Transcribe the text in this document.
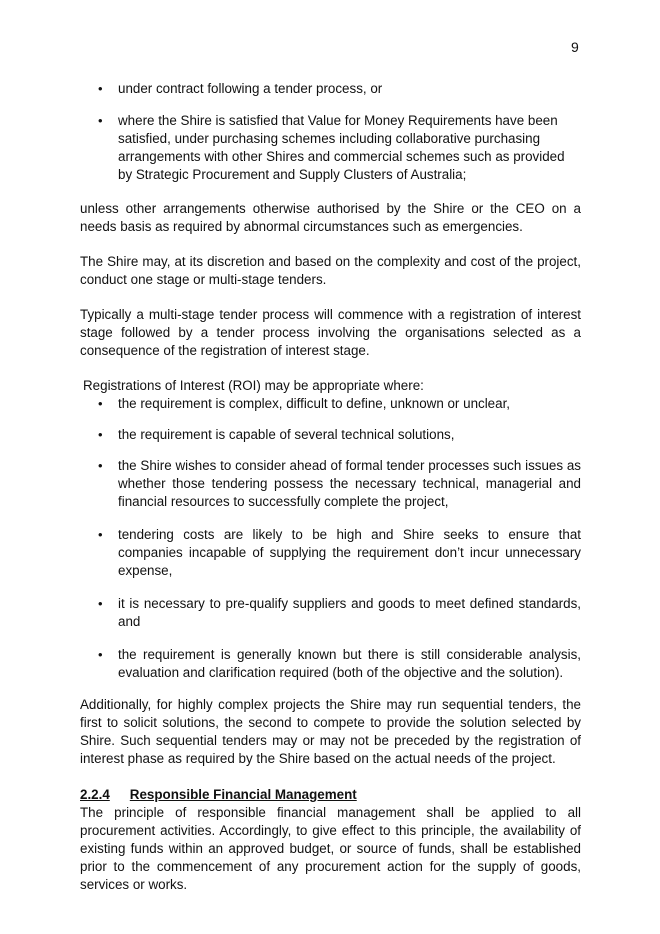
9
• under contract following a tender process, or
• where the Shire is satisfied that Value for Money Requirements have been satisfied, under purchasing schemes including collaborative purchasing arrangements with other Shires and commercial schemes such as provided by Strategic Procurement and Supply Clusters of Australia;

unless other arrangements otherwise authorised by the Shire or the CEO on a needs basis as required by abnormal circumstances such as emergencies.

The Shire may, at its discretion and based on the complexity and cost of the project, conduct one stage or multi-stage tenders.

Typically a multi-stage tender process will commence with a registration of interest stage followed by a tender process involving the organisations selected as a consequence of the registration of interest stage.

Registrations of Interest (ROI) may be appropriate where:

• the requirement is complex, difficult to define, unknown or unclear,
• the requirement is capable of several technical solutions,
• the Shire wishes to consider ahead of formal tender processes such issues as whether those tendering possess the necessary technical, managerial and financial resources to successfully complete the project,
• tendering costs are likely to be high and Shire seeks to ensure that companies incapable of supplying the requirement don’t incur unnecessary expense,
• it is necessary to pre-qualify suppliers and goods to meet defined standards, and
• the requirement is generally known but there is still considerable analysis, evaluation and clarification required (both of the objective and the solution).

Additionally, for highly complex projects the Shire may run sequential tenders, the first to solicit solutions, the second to compete to provide the solution selected by Shire. Such sequential tenders may or may not be preceded by the registration of interest phase as required by the Shire based on the actual needs of the project.

2.2.4 Responsible Financial Management

The principle of responsible financial management shall be applied to all procurement activities. Accordingly, to give effect to this principle, the availability of existing funds within an approved budget, or source of funds, shall be established prior to the commencement of any procurement action for the supply of goods, services or works.
